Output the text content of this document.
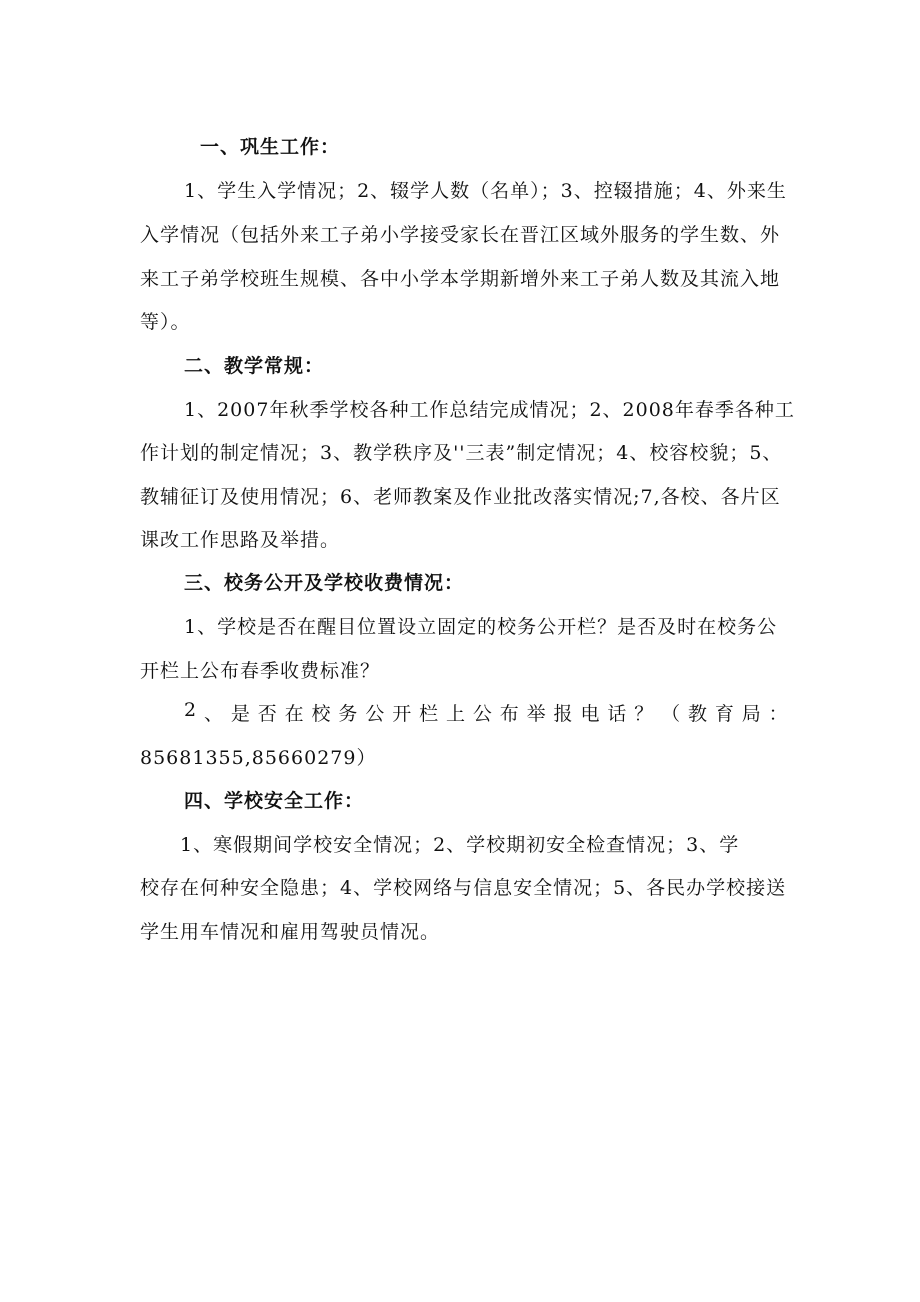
一、巩生工作：
1、学生入学情况；2、辍学人数（名单）；3、控辍措施；4、外来生
入学情况（包括外来工子弟小学接受家长在晋江区域外服务的学生数、外
来工子弟学校班生规模、各中小学本学期新增外来工子弟人数及其流入地
等）。
二、教学常规：
1、2007年秋季学校各种工作总结完成情况；2、2008年春季各种工
作计划的制定情况；3、教学秩序及''三表”制定情况；4、校容校貌；5、
教辅征订及使用情况；6、老师教案及作业批改落实情况;7,各校、各片区
课改工作思路及举措。
三、校务公开及学校收费情况：
1、学校是否在醒目位置设立固定的校务公开栏？是否及时在校务公
开栏上公布春季收费标准？
2 、 是 否 在 校 务 公 开 栏 上 公 布 举 报 电 话 ？ （ 教 育 局 ：
85681355,85660279）
四、学校安全工作：
1、寒假期间学校安全情况；2、学校期初安全检查情况；3、学
校存在何种安全隐患；4、学校网络与信息安全情况；5、各民办学校接送
学生用车情况和雇用驾驶员情况。
